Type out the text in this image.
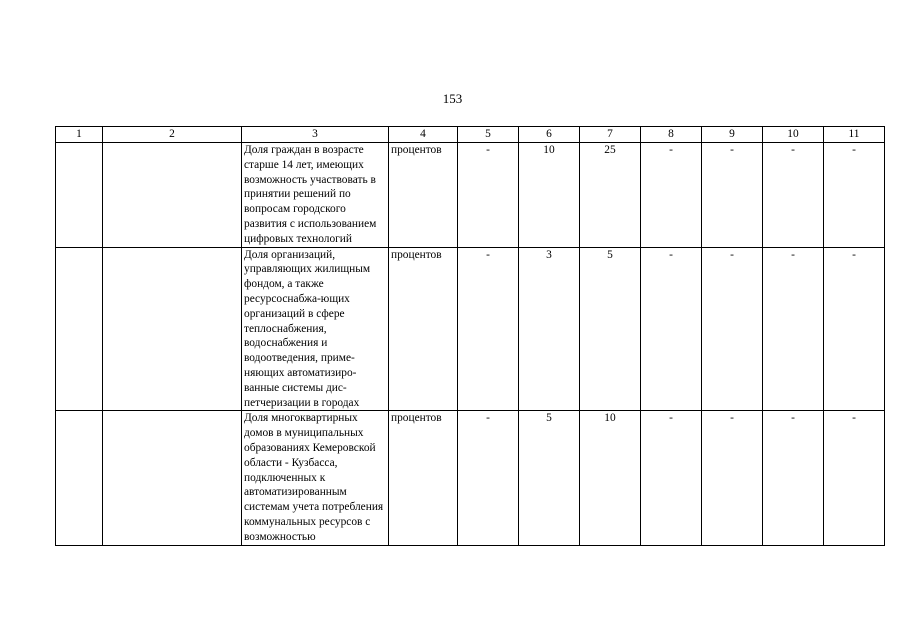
153
1	2	3	4	5	6	7	8	9	10	11
		Доля граждан в возрасте старше 14 лет, имеющих возможность участвовать в принятии решений по вопросам городского развития с использованием цифровых технологий	процентов	-	10	25	-	-	-	-
		Доля организаций, управляющих жилищным фондом, а также ресурсоснабжа-ющих организаций в сфере теплоснабжения, водоснабжения и водоотведения, приме-няющих автоматизиро-ванные системы дис-петчеризации в городах	процентов	-	3	5	-	-	-	-
		Доля многоквартирных домов в муниципальных образованиях Кемеровской области - Кузбасса, подключенных к автоматизированным системам учета потребления коммунальных ресурсов с возможностью	процентов	-	5	10	-	-	-	-
